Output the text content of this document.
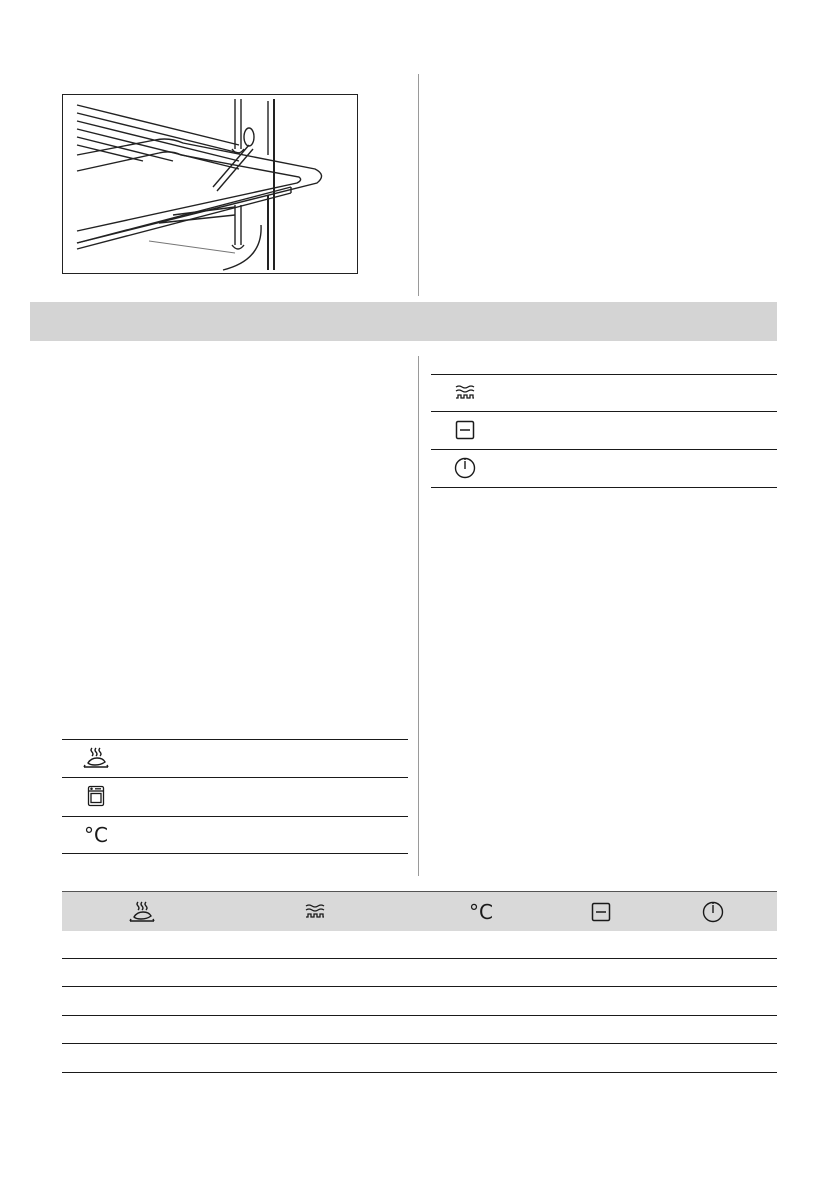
°C
°C
